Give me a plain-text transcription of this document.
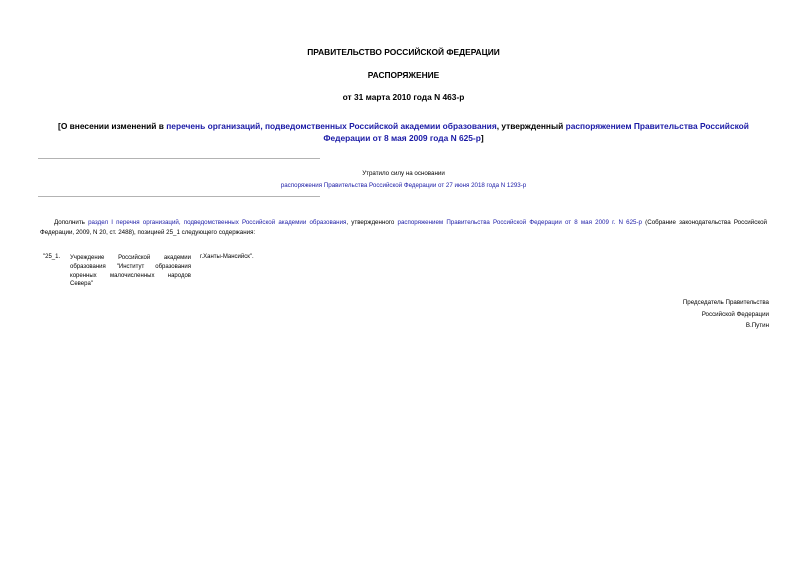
ПРАВИТЕЛЬСТВО РОССИЙСКОЙ ФЕДЕРАЦИИ
РАСПОРЯЖЕНИЕ
от 31 марта 2010 года N 463-р
[О внесении изменений в перечень организаций, подведомственных Российской академии образования, утвержденный распоряжением Правительства Российской Федерации от 8 мая 2009 года N 625-р]
Утратило силу на основании
распоряжения Правительства Российской Федерации от 27 июня 2018 года N 1293-р
Дополнить раздел I перечня организаций, подведомственных Российской академии образования, утвержденного распоряжением Правительства Российской Федерации от 8 мая 2009 г. N 625-р (Собрание законодательства Российской Федерации, 2009, N 20, ст. 2488), позицией 25_1 следующего содержания:
"25_1. Учреждение Российской академии образования "Институт образования коренных малочисленных народов Севера"
г.Ханты-Мансийск".
Председатель Правительства
Российской Федерации
В.Путин
